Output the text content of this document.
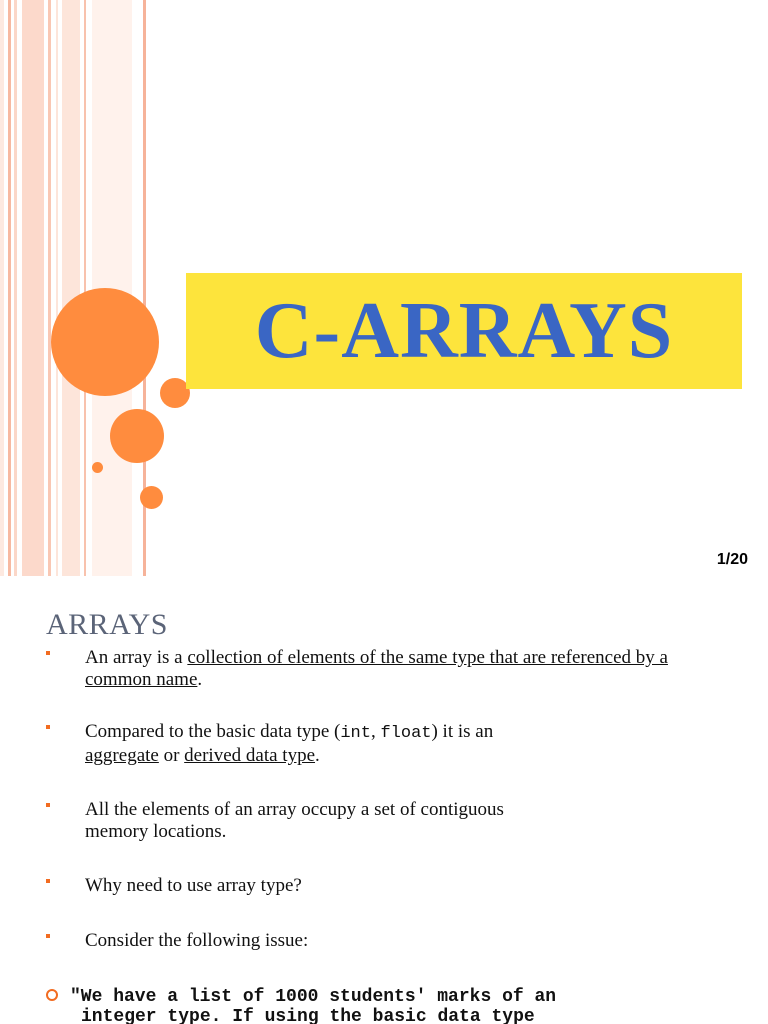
C-ARRAYS
1/20
ARRAYS
An array is a collection of elements of the same type that are referenced by a common name.
Compared to the basic data type (int, float) it is an
aggregate or derived data type.
All the elements of an array occupy a set of contiguous memory locations.
Why need to use array type?
Consider the following issue:
"We have a list of 1000 students' marks of an
integer type. If using the basic data type
